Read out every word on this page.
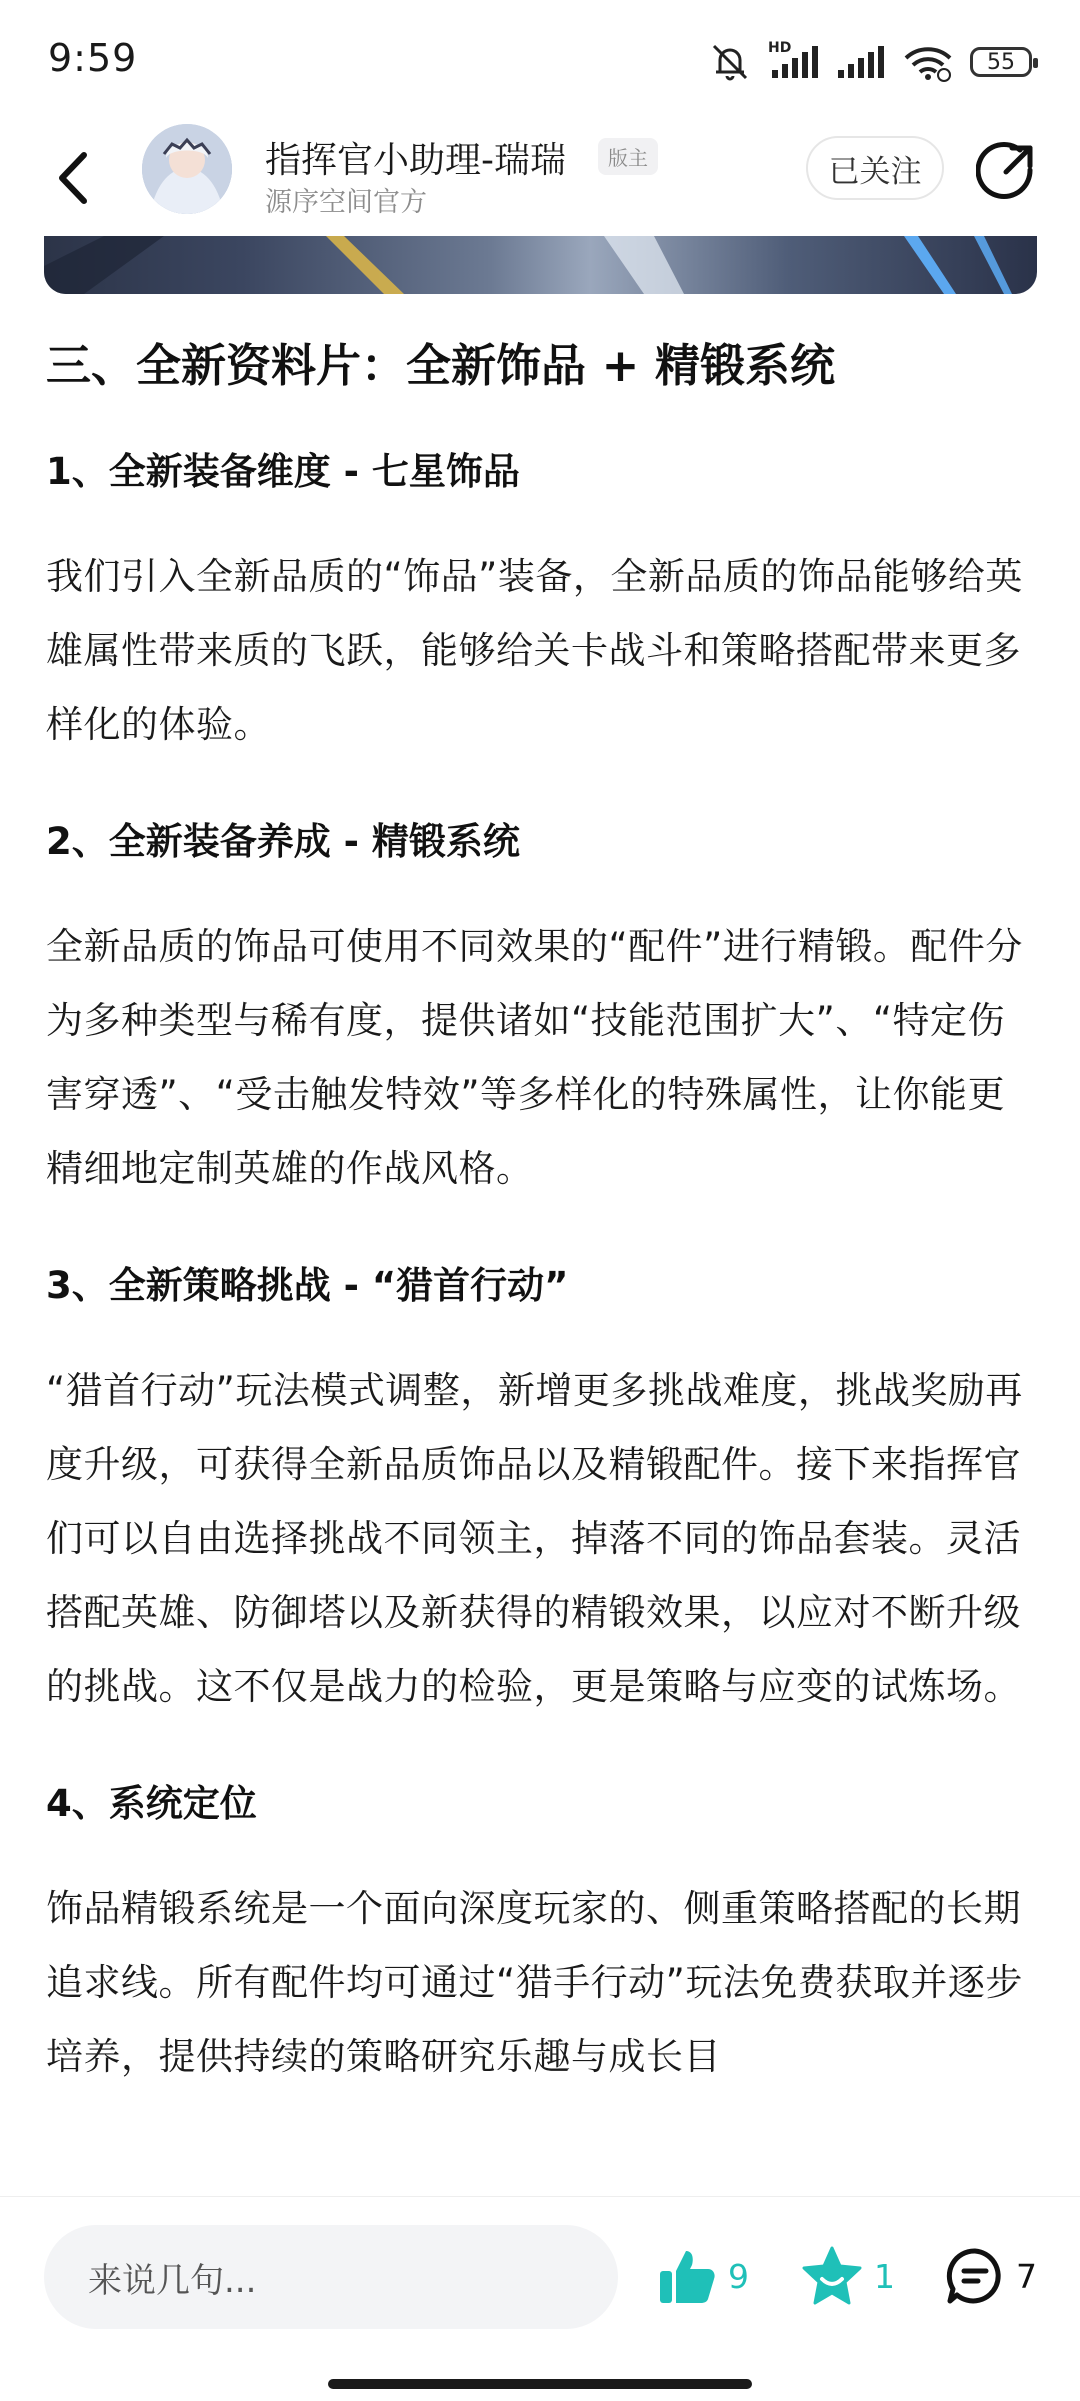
9:59	HD
55
指挥官小助理-瑞瑞	版主
源序空间官方
已关注
三、全新资料片：全新饰品 + 精锻系统
1、全新装备维度 - 七星饰品

我们引入全新品质的“饰品”装备，全新品质的饰品能够给英雄属性带来质的飞跃，能够给关卡战斗和策略搭配带来更多样化的体验。

2、全新装备养成 - 精锻系统

全新品质的饰品可使用不同效果的“配件”进行精锻。配件分为多种类型与稀有度，提供诸如“技能范围扩大”、“特定伤害穿透”、“受击触发特效”等多样化的特殊属性，让你能更精细地定制英雄的作战风格。

3、全新策略挑战 - “猎首行动”

“猎首行动”玩法模式调整，新增更多挑战难度，挑战奖励再度升级，可获得全新品质饰品以及精锻配件。接下来指挥官们可以自由选择挑战不同领主，掉落不同的饰品套装。灵活搭配英雄、防御塔以及新获得的精锻效果，以应对不断升级的挑战。这不仅是战力的检验，更是策略与应变的试炼场。

4、系统定位

饰品精锻系统是一个面向深度玩家的、侧重策略搭配的长期追求线。所有配件均可通过“猎手行动”玩法免费获取并逐步培养，提供持续的策略研究乐趣与成长目

来说几句...	9	1	7
